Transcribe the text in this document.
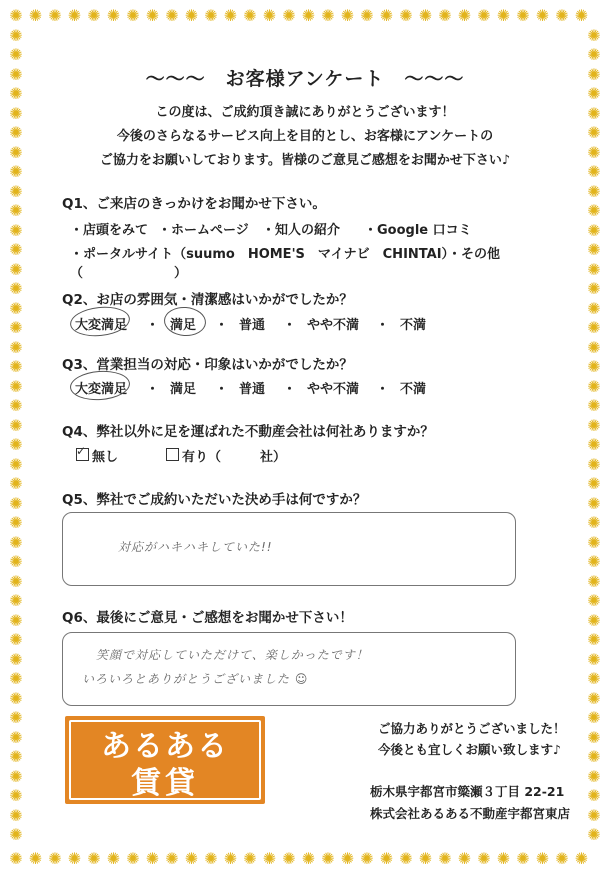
✺
✺
✺
✺
✺
✺
✺
✺
✺
✺
✺
✺
✺
✺
✺
✺
✺
✺
✺
✺
✺
✺
✺
✺
✺
✺
✺
✺
✺
✺
✺
✺
✺
✺
✺
✺
✺
✺
✺
✺
✺
✺
✺
✺
✺
✺
✺
✺
✺
✺
✺
✺
✺
✺
✺
✺
✺
✺
✺
✺
✺	✺
✺	✺
✺	✺
✺	✺
✺	✺
✺	✺
✺	✺
✺	✺
✺	✺
✺	✺
✺	✺
✺	✺
✺	✺
✺	✺
✺	✺
✺	✺
✺	✺
✺	✺
✺	✺
✺	✺
✺	✺
✺	✺
✺	✺
✺	✺
✺	✺
✺	✺
✺	✺
✺	✺
✺	✺
✺	✺
✺	✺
✺	✺
✺	✺
✺	✺
✺	✺
✺	✺
✺	✺
✺	✺
✺	✺
✺	✺
✺	✺
✺	✺
〜〜〜　お客様アンケート　〜〜〜
この度は、ご成約頂き誠にありがとうございます！
今後のさらなるサービス向上を目的とし、お客様にアンケートの
ご協力をお願いしております。皆様のご意見ご感想をお聞かせ下さい♪
Q1、ご来店のきっかけをお聞かせ下さい。
・店頭をみて ・ホームページ ・知人の紹介 ・Google 口コミ
・ポータルサイト（suumo　HOME'S　マイナビ　CHINTAI）・その他（　　　　　　　）
Q2、お店の雰囲気・清潔感はいかがでしたか？
大変満足 ・ 満足 ・ 普通 ・ やや不満 ・ 不満
Q3、営業担当の対応・印象はいかがでしたか？
大変満足 ・ 満足 ・ 普通 ・ やや不満 ・ 不満
Q4、弊社以外に足を運ばれた不動産会社は何社ありますか？
✓ 無し	有り（　　　社）
Q5、弊社でご成約いただいた決め手は何ですか？
対応がハキハキしていた!!
Q6、最後にご意見・ご感想をお聞かせ下さい！
笑顔で対応していただけて、楽しかったです！
いろいろとありがとうございました ☺
あるある
賃貸
ご協力ありがとうございました！
今後とも宜しくお願い致します♪
栃木県宇都宮市簗瀬３丁目 22-21
株式会社あるある不動産宇都宮東店
